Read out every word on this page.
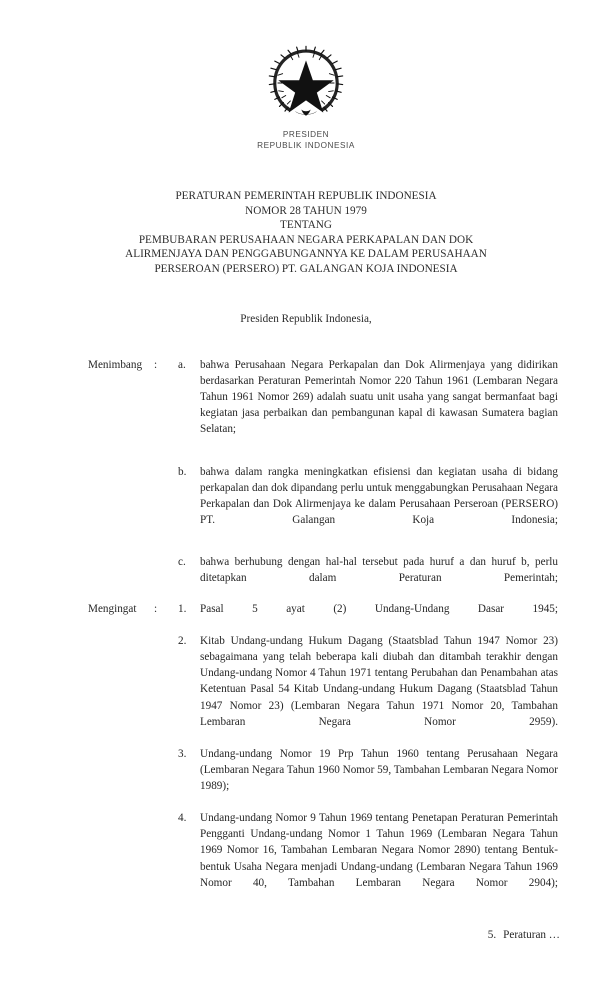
PRESIDEN
REPUBLIK INDONESIA
PERATURAN PEMERINTAH REPUBLIK INDONESIA
NOMOR 28 TAHUN 1979
TENTANG
PEMBUBARAN PERUSAHAAN NEGARA PERKAPALAN DAN DOK
ALIRMENJAYA DAN PENGGABUNGANNYA KE DALAM PERUSAHAAN
PERSEROAN (PERSERO) PT. GALANGAN KOJA INDONESIA
Presiden Republik Indonesia,
Menimbang	:	a.	bahwa Perusahaan Negara Perkapalan dan Dok Alirmenjaya yang didirikan berdasarkan Peraturan Pemerintah Nomor 220 Tahun 1961 (Lembaran Negara Tahun 1961 Nomor 269) adalah suatu unit usaha yang sangat bermanfaat bagi kegiatan jasa perbaikan dan pembangunan kapal di kawasan Sumatera bagian Selatan;
b.	bahwa dalam rangka meningkatkan efisiensi dan kegiatan usaha di bidang perkapalan dan dok dipandang perlu untuk menggabungkan Perusahaan Negara Perkapalan dan Dok Alirmenjaya ke dalam Perusahaan Perseroan (PERSERO) PT. Galangan Koja Indonesia;
c.	bahwa berhubung dengan hal-hal tersebut pada huruf a dan huruf b, perlu ditetapkan dalam Peraturan Pemerintah;
Mengingat	:	1.	Pasal 5 ayat (2) Undang-Undang Dasar 1945;
2.	Kitab Undang-undang Hukum Dagang (Staatsblad Tahun 1947 Nomor 23) sebagaimana yang telah beberapa kali diubah dan ditambah terakhir dengan Undang-undang Nomor 4 Tahun 1971 tentang Perubahan dan Penambahan atas Ketentuan Pasal 54 Kitab Undang-undang Hukum Dagang (Staatsblad Tahun 1947 Nomor 23) (Lembaran Negara Tahun 1971 Nomor 20, Tambahan Lembaran Negara Nomor 2959).
3.	Undang-undang Nomor 19 Prp Tahun 1960 tentang Perusahaan Negara (Lembaran Negara Tahun 1960 Nomor 59, Tambahan Lembaran Negara Nomor 1989);
4.	Undang-undang Nomor 9 Tahun 1969 tentang Penetapan Peraturan Pemerintah Pengganti Undang-undang Nomor 1 Tahun 1969 (Lembaran Negara Tahun 1969 Nomor 16, Tambahan Lembaran Negara Nomor 2890) tentang Bentuk-bentuk Usaha Negara menjadi Undang-undang (Lembaran Negara Tahun 1969 Nomor 40, Tambahan Lembaran Negara Nomor 2904);
5. Peraturan …
